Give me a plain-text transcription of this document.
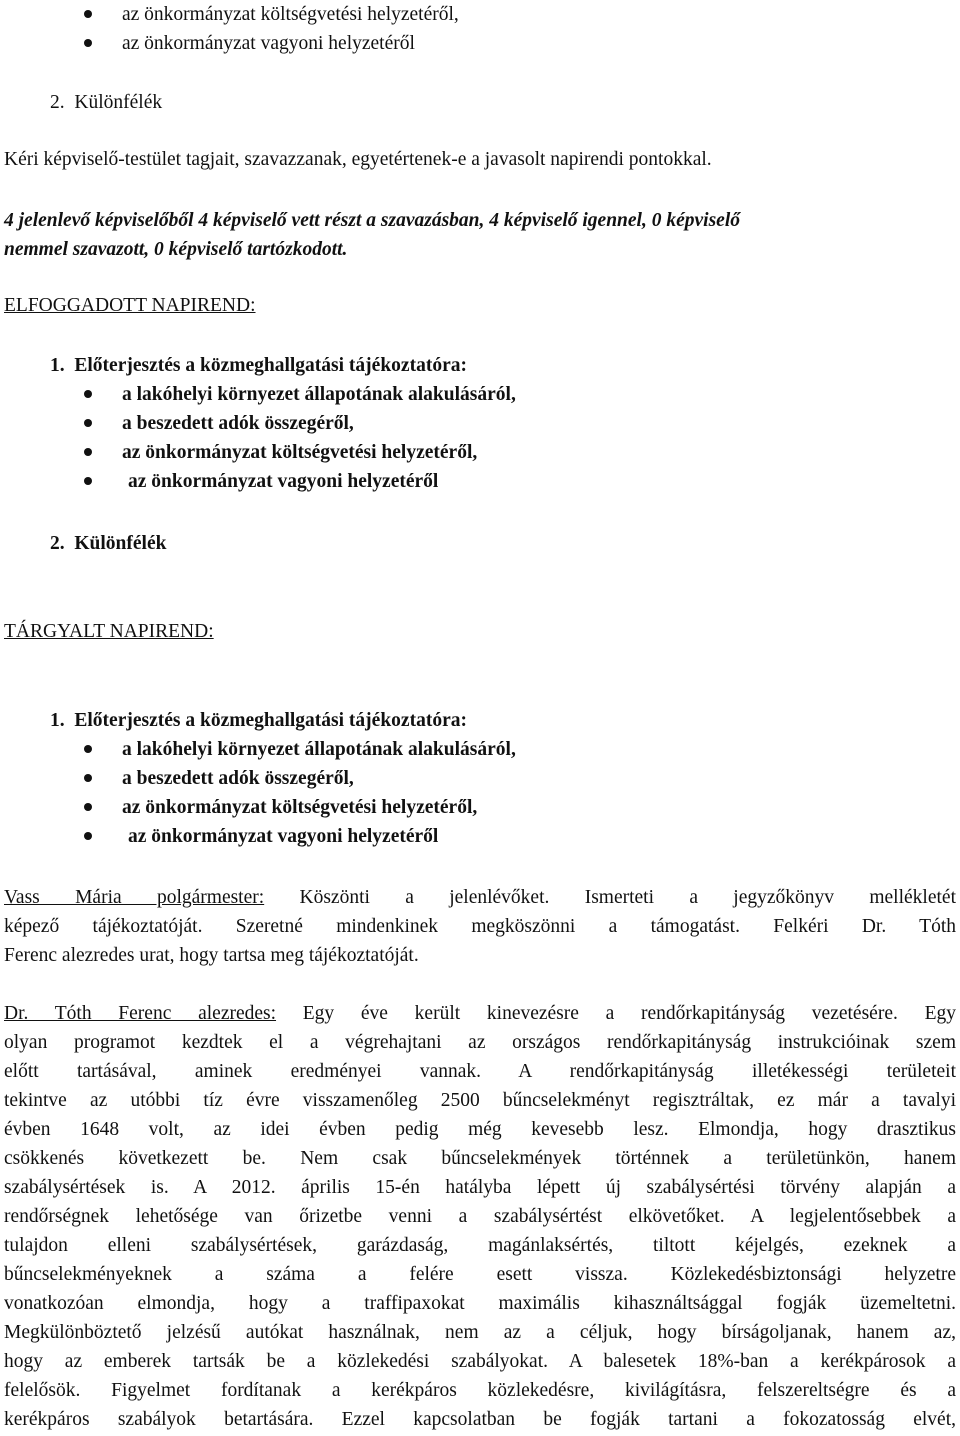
az önkormányzat költségvetési helyzetéről,
az önkormányzat vagyoni helyzetéről

2.  Különfélék

Kéri képviselő-testület tagjait, szavazzanak, egyetértenek-e a javasolt napirendi pontokkal.

4 jelenlevő képviselőből 4 képviselő vett részt a szavazásban, 4 képviselő igennel, 0 képviselő
nemmel szavazott, 0 képviselő tartózkodott.

ELFOGGADOTT NAPIREND:

1.  Előterjesztés a közmeghallgatási tájékoztatóra:

a lakóhelyi környezet állapotának alakulásáról,
a beszedett adók összegéről,
az önkormányzat költségvetési helyzetéről,
az önkormányzat vagyoni helyzetéről

2.  Különfélék

TÁRGYALT NAPIREND:

1.  Előterjesztés a közmeghallgatási tájékoztatóra:

a lakóhelyi környezet állapotának alakulásáról,
a beszedett adók összegéről,
az önkormányzat költségvetési helyzetéről,
az önkormányzat vagyoni helyzetéről
Vass Mária polgármester: Köszönti a jelenlévőket. Ismerteti a jegyzőkönyv mellékletét
képező tájékoztatóját. Szeretné mindenkinek megköszönni a támogatást. Felkéri Dr. Tóth
Ferenc alezredes urat, hogy tartsa meg tájékoztatóját.
Dr. Tóth Ferenc alezredes: Egy éve került kinevezésre a rendőrkapitányság vezetésére. Egy
olyan programot kezdtek el a végrehajtani az országos rendőrkapitányság instrukcióinak szem
előtt tartásával, aminek eredményei vannak. A rendőrkapitányság illetékességi területeit
tekintve az utóbbi tíz évre visszamenőleg 2500 bűncselekményt regisztráltak, ez már a tavalyi
évben 1648 volt, az idei évben pedig még kevesebb lesz. Elmondja, hogy drasztikus
csökkenés következett be. Nem csak bűncselekmények történnek a területünkön, hanem
szabálysértések is. A 2012. április 15-én hatályba lépett új szabálysértési törvény alapján a
rendőrségnek lehetősége van őrizetbe venni a szabálysértést elkövetőket. A legjelentősebbek a
tulajdon elleni szabálysértések, garázdaság, magánlaksértés, tiltott kéjelgés, ezeknek a
bűncselekményeknek a száma a felére esett vissza. Közlekedésbiztonsági helyzetre
vonatkozóan elmondja, hogy a traffipaxokat maximális kihasználtsággal fogják üzemeltetni.
Megkülönböztető jelzésű autókat használnak, nem az a céljuk, hogy bírságoljanak, hanem az,
hogy az emberek tartsák be a közlekedési szabályokat. A balesetek 18%-ban a kerékpárosok a
felelősök. Figyelmet fordítanak a kerékpáros közlekedésre, kivilágításra, felszereltségre és a
kerékpáros szabályok betartására. Ezzel kapcsolatban be fogják tartani a fokozatosság elvét,
